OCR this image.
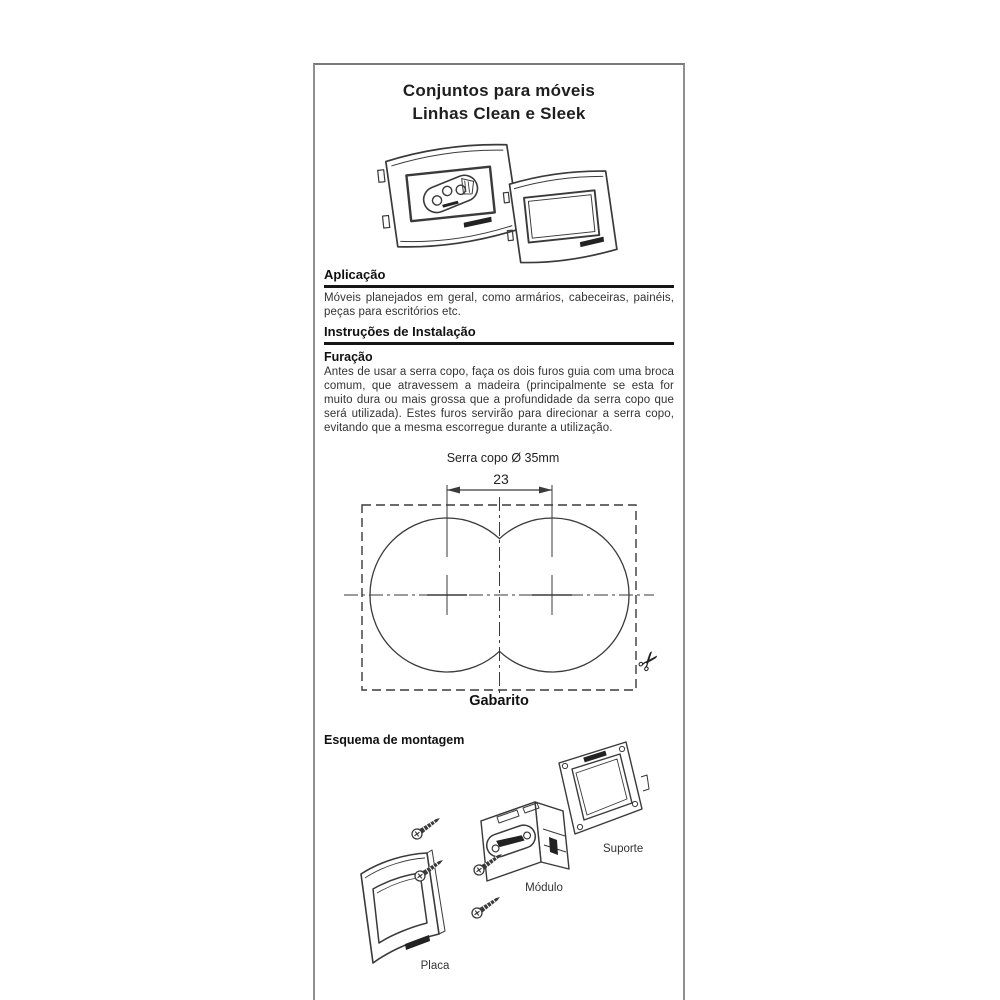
Conjuntos para móveis
Linhas Clean e Sleek
Aplicação
Móveis planejados em geral, como armários, cabeceiras, painéis, peças para escritórios etc.
Instruções de Instalação
Furação
Antes de usar a serra copo, faça os dois furos guia com uma broca comum, que atravessem a madeira (principalmente se esta for muito dura ou mais grossa que a profundidade da serra copo que será utilizada). Estes furos servirão para direcionar a serra copo, evitando que a mesma escorregue durante a utilização.
Serra copo Ø 35mm
23
✂
Gabarito
Esquema de montagem
Suporte
Módulo
Placa
